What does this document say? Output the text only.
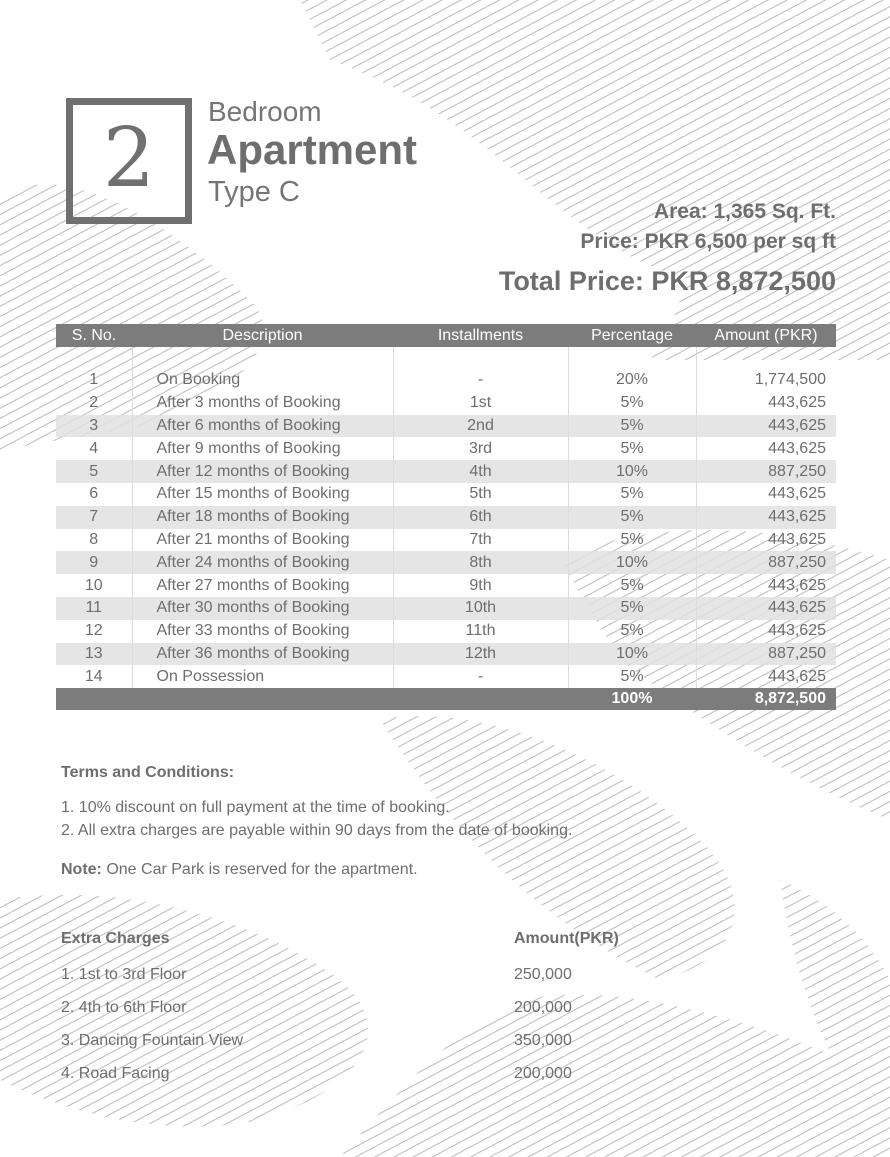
2 Bedroom
Apartment
Type C
Area: 1,365 Sq. Ft.
Price: PKR 6,500 per sq ft
Total Price: PKR 8,872,500
S. No.	Description	Installments	Percentage	Amount (PKR)

1	On Booking	-	20%	1,774,500
2	After 3 months of Booking	1st	5%	443,625
3	After 6 months of Booking	2nd	5%	443,625
4	After 9 months of Booking	3rd	5%	443,625
5	After 12 months of Booking	4th	10%	887,250
6	After 15 months of Booking	5th	5%	443,625
7	After 18 months of Booking	6th	5%	443,625
8	After 21 months of Booking	7th	5%	443,625
9	After 24 months of Booking	8th	10%	887,250
10	After 27 months of Booking	9th	5%	443,625
11	After 30 months of Booking	10th	5%	443,625
12	After 33 months of Booking	11th	5%	443,625
13	After 36 months of Booking	12th	10%	887,250
14	On Possession	-	5%	443,625
			100%	8,872,500
Terms and Conditions:
1. 10% discount on full payment at the time of booking.
2. All extra charges are payable within 90 days from the date of booking.
Note: One Car Park is reserved for the apartment.
Extra Charges	Amount(PKR)
1. 1st to 3rd Floor	250,000
2. 4th to 6th Floor	200,000
3. Dancing Fountain View	350,000
4. Road Facing	200,000
